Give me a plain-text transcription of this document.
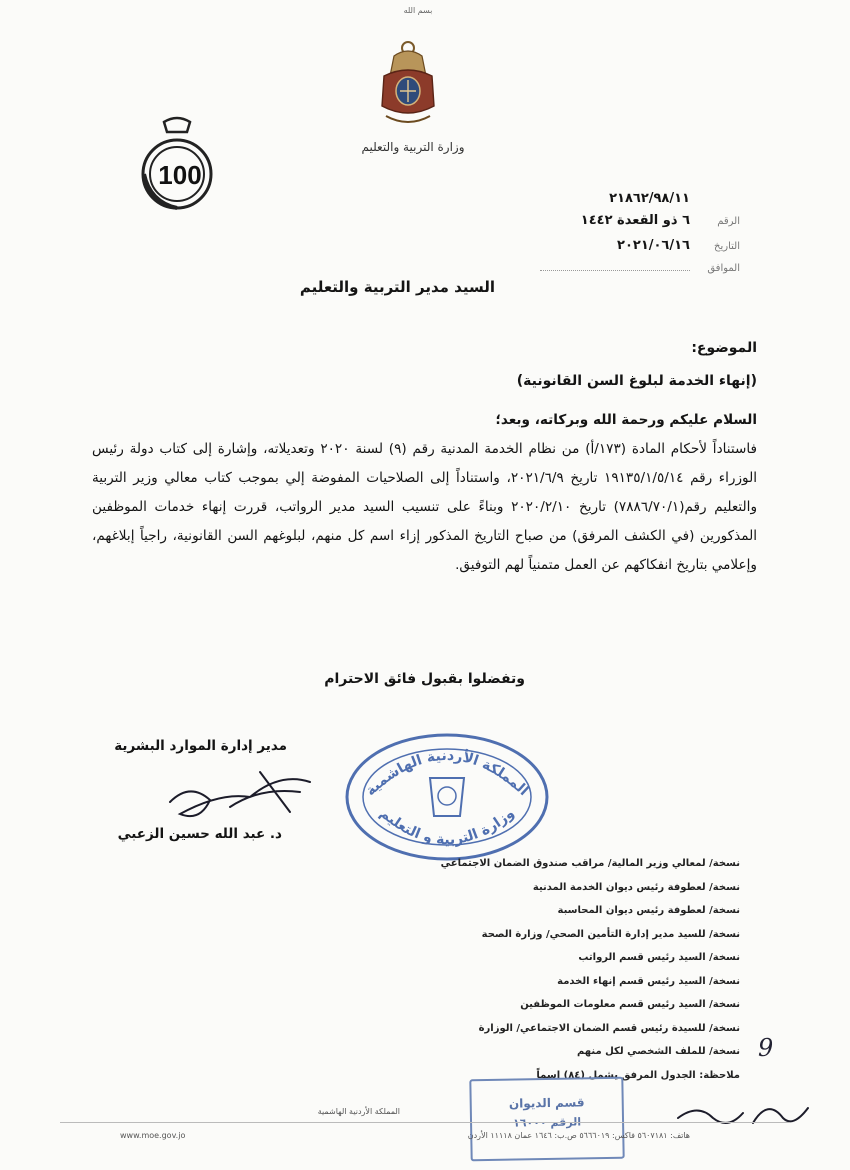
بسم الله
وزارة التربية والتعليم
100
٢١٨٦٢/٩٨/١١
الرقم
٦ ذو القعدة ١٤٤٢
التاريخ
٢٠٢١/٠٦/١٦
الموافق
السيد مدير التربية والتعليم
الموضوع:
(إنهاء الخدمة لبلوغ السن القانونية)
السلام عليكم ورحمة الله وبركاته، وبعد؛
فاستناداً لأحكام المادة (١٧٣/أ) من نظام الخدمة المدنية رقم (٩) لسنة ٢٠٢٠ وتعديلاته، وإشارة إلى كتاب دولة رئيس الوزراء رقم ١٩١٣٥/١/٥/١٤ تاريخ ٢٠٢١/٦/٩، واستناداً إلى الصلاحيات المفوضة إلي بموجب كتاب معالي وزير التربية والتعليم رقم(٧٨٨٦/٧٠/١) تاريخ ٢٠٢٠/٢/١٠ وبناءً على تنسيب السيد مدير الرواتب، قررت إنهاء خدمات الموظفين المذكورين (في الكشف المرفق) من صباح التاريخ المذكور إزاء اسم كل منهم، لبلوغهم السن القانونية، راجياً إبلاغهم، وإعلامي بتاريخ انفكاكهم عن العمل متمنياً لهم التوفيق.
وتفضلوا بقبول فائق الاحترام
مدير إدارة الموارد البشرية
المملكة الأردنية الهاشمية
وزارة التربية و التعليم
د. عبد الله حسين الزعبي
نسخة/ لمعالي وزير المالية/ مراقب صندوق الضمان الاجتماعي
نسخة/ لعطوفة رئيس ديوان الخدمة المدنية
نسخة/ لعطوفة رئيس ديوان المحاسبة
نسخة/ للسيد مدير إدارة التأمين الصحي/ وزارة الصحة
نسخة/ السيد رئيس قسم الرواتب
نسخة/ السيد رئيس قسم إنهاء الخدمة
نسخة/ السيد رئيس قسم معلومات الموظفين
نسخة/ للسيدة رئيس قسم الضمان الاجتماعي/ الوزارة
نسخة/ للملف الشخصي لكل منهم
ملاحظة: الجدول المرفق يشمل (٨٤) اسماً
9
قسم الديوان
الرقم ١٦٠٠٠
المملكة الأردنية الهاشمية
www.moe.gov.jo	هاتف: ٥٦٠٧١٨١ فاكس: ٥٦٦٦٠١٩ ص.ب: ١٦٤٦ عمان ١١١١٨ الأردن
